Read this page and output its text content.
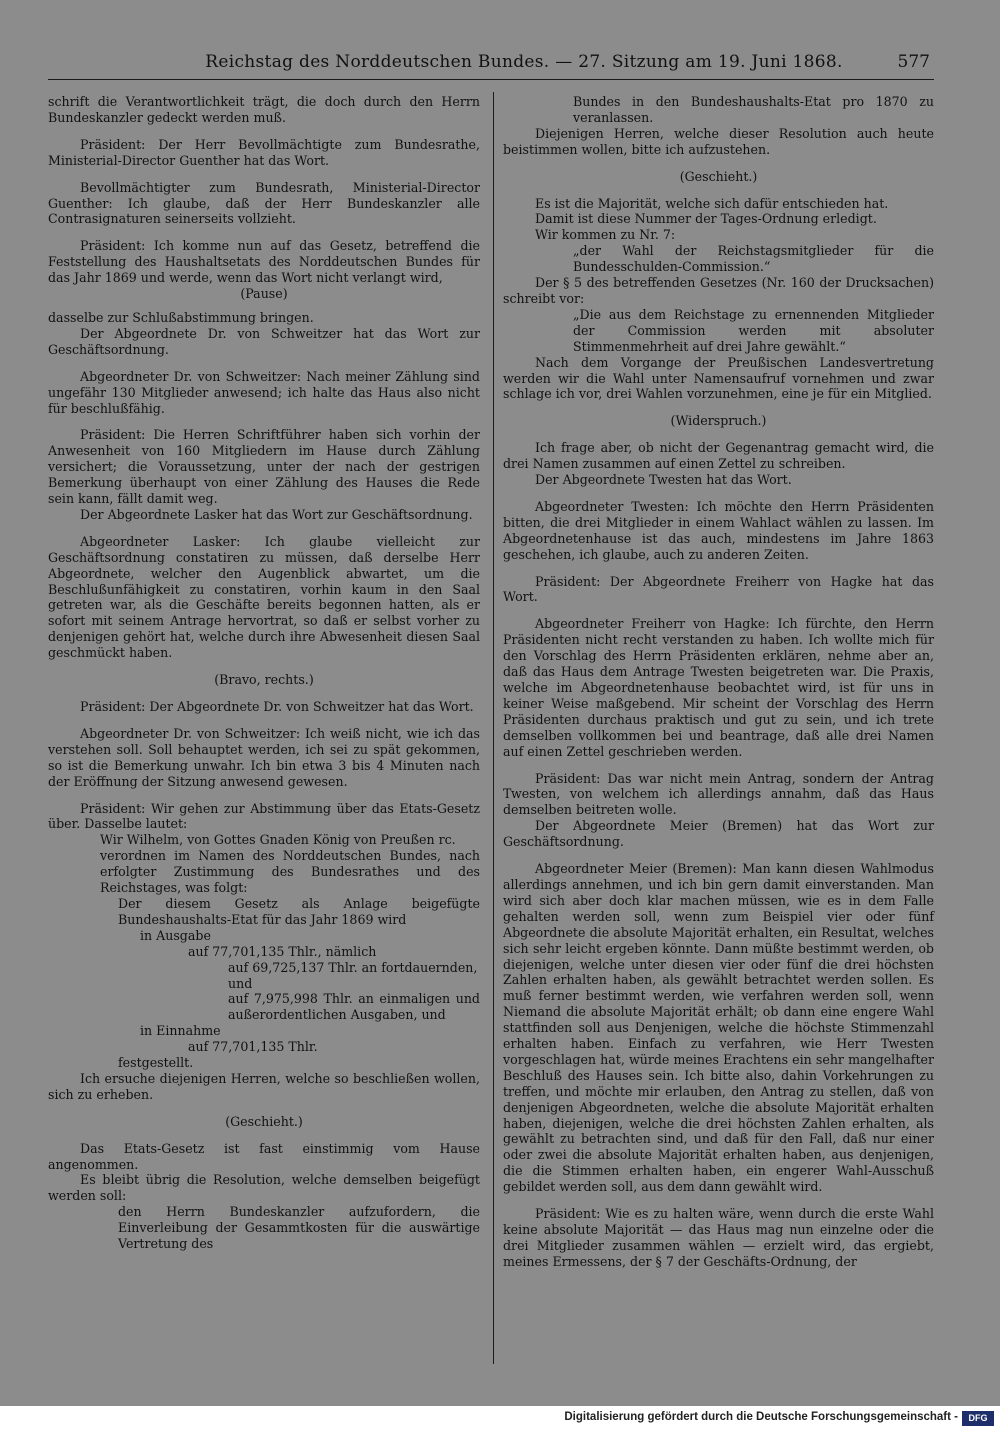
Reichstag des Norddeutschen Bundes. — 27. Sitzung am 19. Juni 1868.	577

schrift die Verantwortlichkeit trägt, die doch durch den Herrn Bundeskanzler gedeckt werden muß.

Präsident: Der Herr Bevollmächtigte zum Bundesrathe, Ministerial-Director Guenther hat das Wort.

Bevollmächtigter zum Bundesrath, Ministerial-Director Guenther: Ich glaube, daß der Herr Bundeskanzler alle Contrasignaturen seinerseits vollzieht.

Präsident: Ich komme nun auf das Gesetz, betreffend die Feststellung des Haushaltsetats des Norddeutschen Bundes für das Jahr 1869 und werde, wenn das Wort nicht verlangt wird,

(Pause)

dasselbe zur Schlußabstimmung bringen.

Der Abgeordnete Dr. von Schweitzer hat das Wort zur Geschäftsordnung.

Abgeordneter Dr. von Schweitzer: Nach meiner Zählung sind ungefähr 130 Mitglieder anwesend; ich halte das Haus also nicht für beschlußfähig.

Präsident: Die Herren Schriftführer haben sich vorhin der Anwesenheit von 160 Mitgliedern im Hause durch Zählung versichert; die Voraussetzung, unter der nach der gestrigen Bemerkung überhaupt von einer Zählung des Hauses die Rede sein kann, fällt damit weg.

Der Abgeordnete Lasker hat das Wort zur Geschäftsordnung.

Abgeordneter Lasker: Ich glaube vielleicht zur Geschäftsordnung constatiren zu müssen, daß derselbe Herr Abgeordnete, welcher den Augenblick abwartet, um die Beschlußunfähigkeit zu constatiren, vorhin kaum in den Saal getreten war, als die Geschäfte bereits begonnen hatten, als er sofort mit seinem Antrage hervortrat, so daß er selbst vorher zu denjenigen gehört hat, welche durch ihre Abwesenheit diesen Saal geschmückt haben.

(Bravo, rechts.)

Präsident: Der Abgeordnete Dr. von Schweitzer hat das Wort.

Abgeordneter Dr. von Schweitzer: Ich weiß nicht, wie ich das verstehen soll. Soll behauptet werden, ich sei zu spät gekommen, so ist die Bemerkung unwahr. Ich bin etwa 3 bis 4 Minuten nach der Eröffnung der Sitzung anwesend gewesen.

Präsident: Wir gehen zur Abstimmung über das Etats-Gesetz über. Dasselbe lautet:

Wir Wilhelm, von Gottes Gnaden König von Preußen rc.

verordnen im Namen des Norddeutschen Bundes, nach erfolgter Zustimmung des Bundesrathes und des Reichstages, was folgt:

Der diesem Gesetz als Anlage beigefügte Bundeshaushalts-Etat für das Jahr 1869 wird

in Ausgabe

auf 77,701,135 Thlr., nämlich

auf 69,725,137 Thlr. an fortdauernden,

und

auf 7,975,998 Thlr. an einmaligen und außerordentlichen Ausgaben, und

in Einnahme

auf 77,701,135 Thlr.

festgestellt.

Ich ersuche diejenigen Herren, welche so beschließen wollen, sich zu erheben.

(Geschieht.)

Das Etats-Gesetz ist fast einstimmig vom Hause angenommen.

Es bleibt übrig die Resolution, welche demselben beigefügt werden soll:

den Herrn Bundeskanzler aufzufordern, die Einverleibung der Gesammtkosten für die auswärtige Vertretung des

Bundes in den Bundeshaushalts-Etat pro 1870 zu veranlassen.

Diejenigen Herren, welche dieser Resolution auch heute beistimmen wollen, bitte ich aufzustehen.

(Geschieht.)

Es ist die Majorität, welche sich dafür entschieden hat.

Damit ist diese Nummer der Tages-Ordnung erledigt.

Wir kommen zu Nr. 7:

„der Wahl der Reichstagsmitglieder für die Bundesschulden-Commission.“

Der § 5 des betreffenden Gesetzes (Nr. 160 der Drucksachen) schreibt vor:

„Die aus dem Reichstage zu ernennenden Mitglieder der Commission werden mit absoluter Stimmenmehrheit auf drei Jahre gewählt.“

Nach dem Vorgange der Preußischen Landesvertretung werden wir die Wahl unter Namensaufruf vornehmen und zwar schlage ich vor, drei Wahlen vorzunehmen, eine je für ein Mitglied.

(Widerspruch.)

Ich frage aber, ob nicht der Gegenantrag gemacht wird, die drei Namen zusammen auf einen Zettel zu schreiben.

Der Abgeordnete Twesten hat das Wort.

Abgeordneter Twesten: Ich möchte den Herrn Präsidenten bitten, die drei Mitglieder in einem Wahlact wählen zu lassen. Im Abgeordnetenhause ist das auch, mindestens im Jahre 1863 geschehen, ich glaube, auch zu anderen Zeiten.

Präsident: Der Abgeordnete Freiherr von Hagke hat das Wort.

Abgeordneter Freiherr von Hagke: Ich fürchte, den Herrn Präsidenten nicht recht verstanden zu haben. Ich wollte mich für den Vorschlag des Herrn Präsidenten erklären, nehme aber an, daß das Haus dem Antrage Twesten beigetreten war. Die Praxis, welche im Abgeordnetenhause beobachtet wird, ist für uns in keiner Weise maßgebend. Mir scheint der Vorschlag des Herrn Präsidenten durchaus praktisch und gut zu sein, und ich trete demselben vollkommen bei und beantrage, daß alle drei Namen auf einen Zettel geschrieben werden.

Präsident: Das war nicht mein Antrag, sondern der Antrag Twesten, von welchem ich allerdings annahm, daß das Haus demselben beitreten wolle.

Der Abgeordnete Meier (Bremen) hat das Wort zur Geschäftsordnung.

Abgeordneter Meier (Bremen): Man kann diesen Wahlmodus allerdings annehmen, und ich bin gern damit einverstanden. Man wird sich aber doch klar machen müssen, wie es in dem Falle gehalten werden soll, wenn zum Beispiel vier oder fünf Abgeordnete die absolute Majorität erhalten, ein Resultat, welches sich sehr leicht ergeben könnte. Dann müßte bestimmt werden, ob diejenigen, welche unter diesen vier oder fünf die drei höchsten Zahlen erhalten haben, als gewählt betrachtet werden sollen. Es muß ferner bestimmt werden, wie verfahren werden soll, wenn Niemand die absolute Majorität erhält; ob dann eine engere Wahl stattfinden soll aus Denjenigen, welche die höchste Stimmenzahl erhalten haben. Einfach zu verfahren, wie Herr Twesten vorgeschlagen hat, würde meines Erachtens ein sehr mangelhafter Beschluß des Hauses sein. Ich bitte also, dahin Vorkehrungen zu treffen, und möchte mir erlauben, den Antrag zu stellen, daß von denjenigen Abgeordneten, welche die absolute Majorität erhalten haben, diejenigen, welche die drei höchsten Zahlen erhalten, als gewählt zu betrachten sind, und daß für den Fall, daß nur einer oder zwei die absolute Majorität erhalten haben, aus denjenigen, die die Stimmen erhalten haben, ein engerer Wahl-Ausschuß gebildet werden soll, aus dem dann gewählt wird.

Präsident: Wie es zu halten wäre, wenn durch die erste Wahl keine absolute Majorität — das Haus mag nun einzelne oder die drei Mitglieder zusammen wählen — erzielt wird, das ergiebt, meines Ermessens, der § 7 der Geschäfts-Ordnung, der

Digitalisierung gefördert durch die Deutsche Forschungsgemeinschaft -	DFG
